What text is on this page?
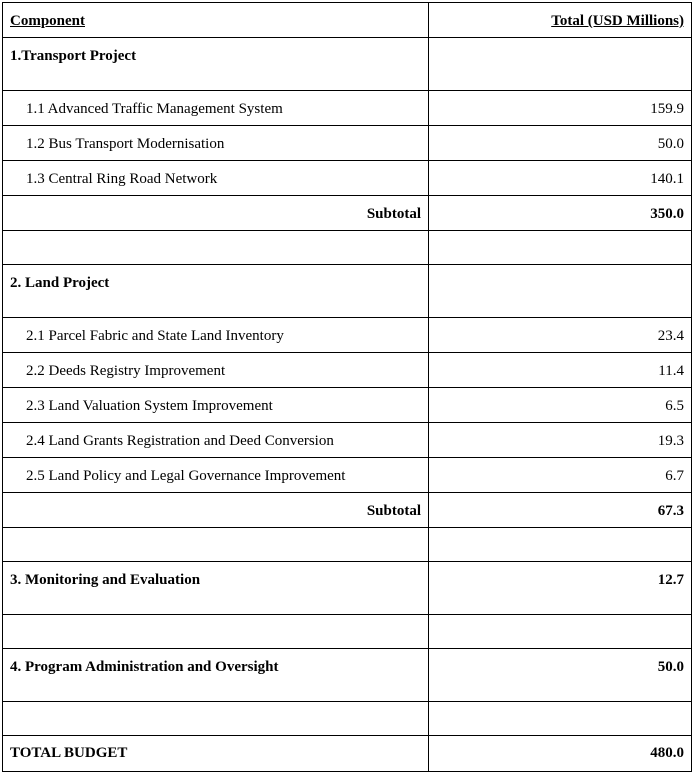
Component	Total (USD Millions)
1.Transport Project	
1.1 Advanced Traffic Management System	159.9
1.2 Bus Transport Modernisation	50.0
1.3 Central Ring Road Network	140.1
Subtotal	350.0

2. Land Project	
2.1 Parcel Fabric and State Land Inventory	23.4
2.2 Deeds Registry Improvement	11.4
2.3 Land Valuation System Improvement	6.5
2.4 Land Grants Registration and Deed Conversion	19.3
2.5 Land Policy and Legal Governance Improvement	6.7
Subtotal	67.3

3. Monitoring and Evaluation	12.7

4. Program Administration and Oversight	50.0

TOTAL BUDGET	480.0
